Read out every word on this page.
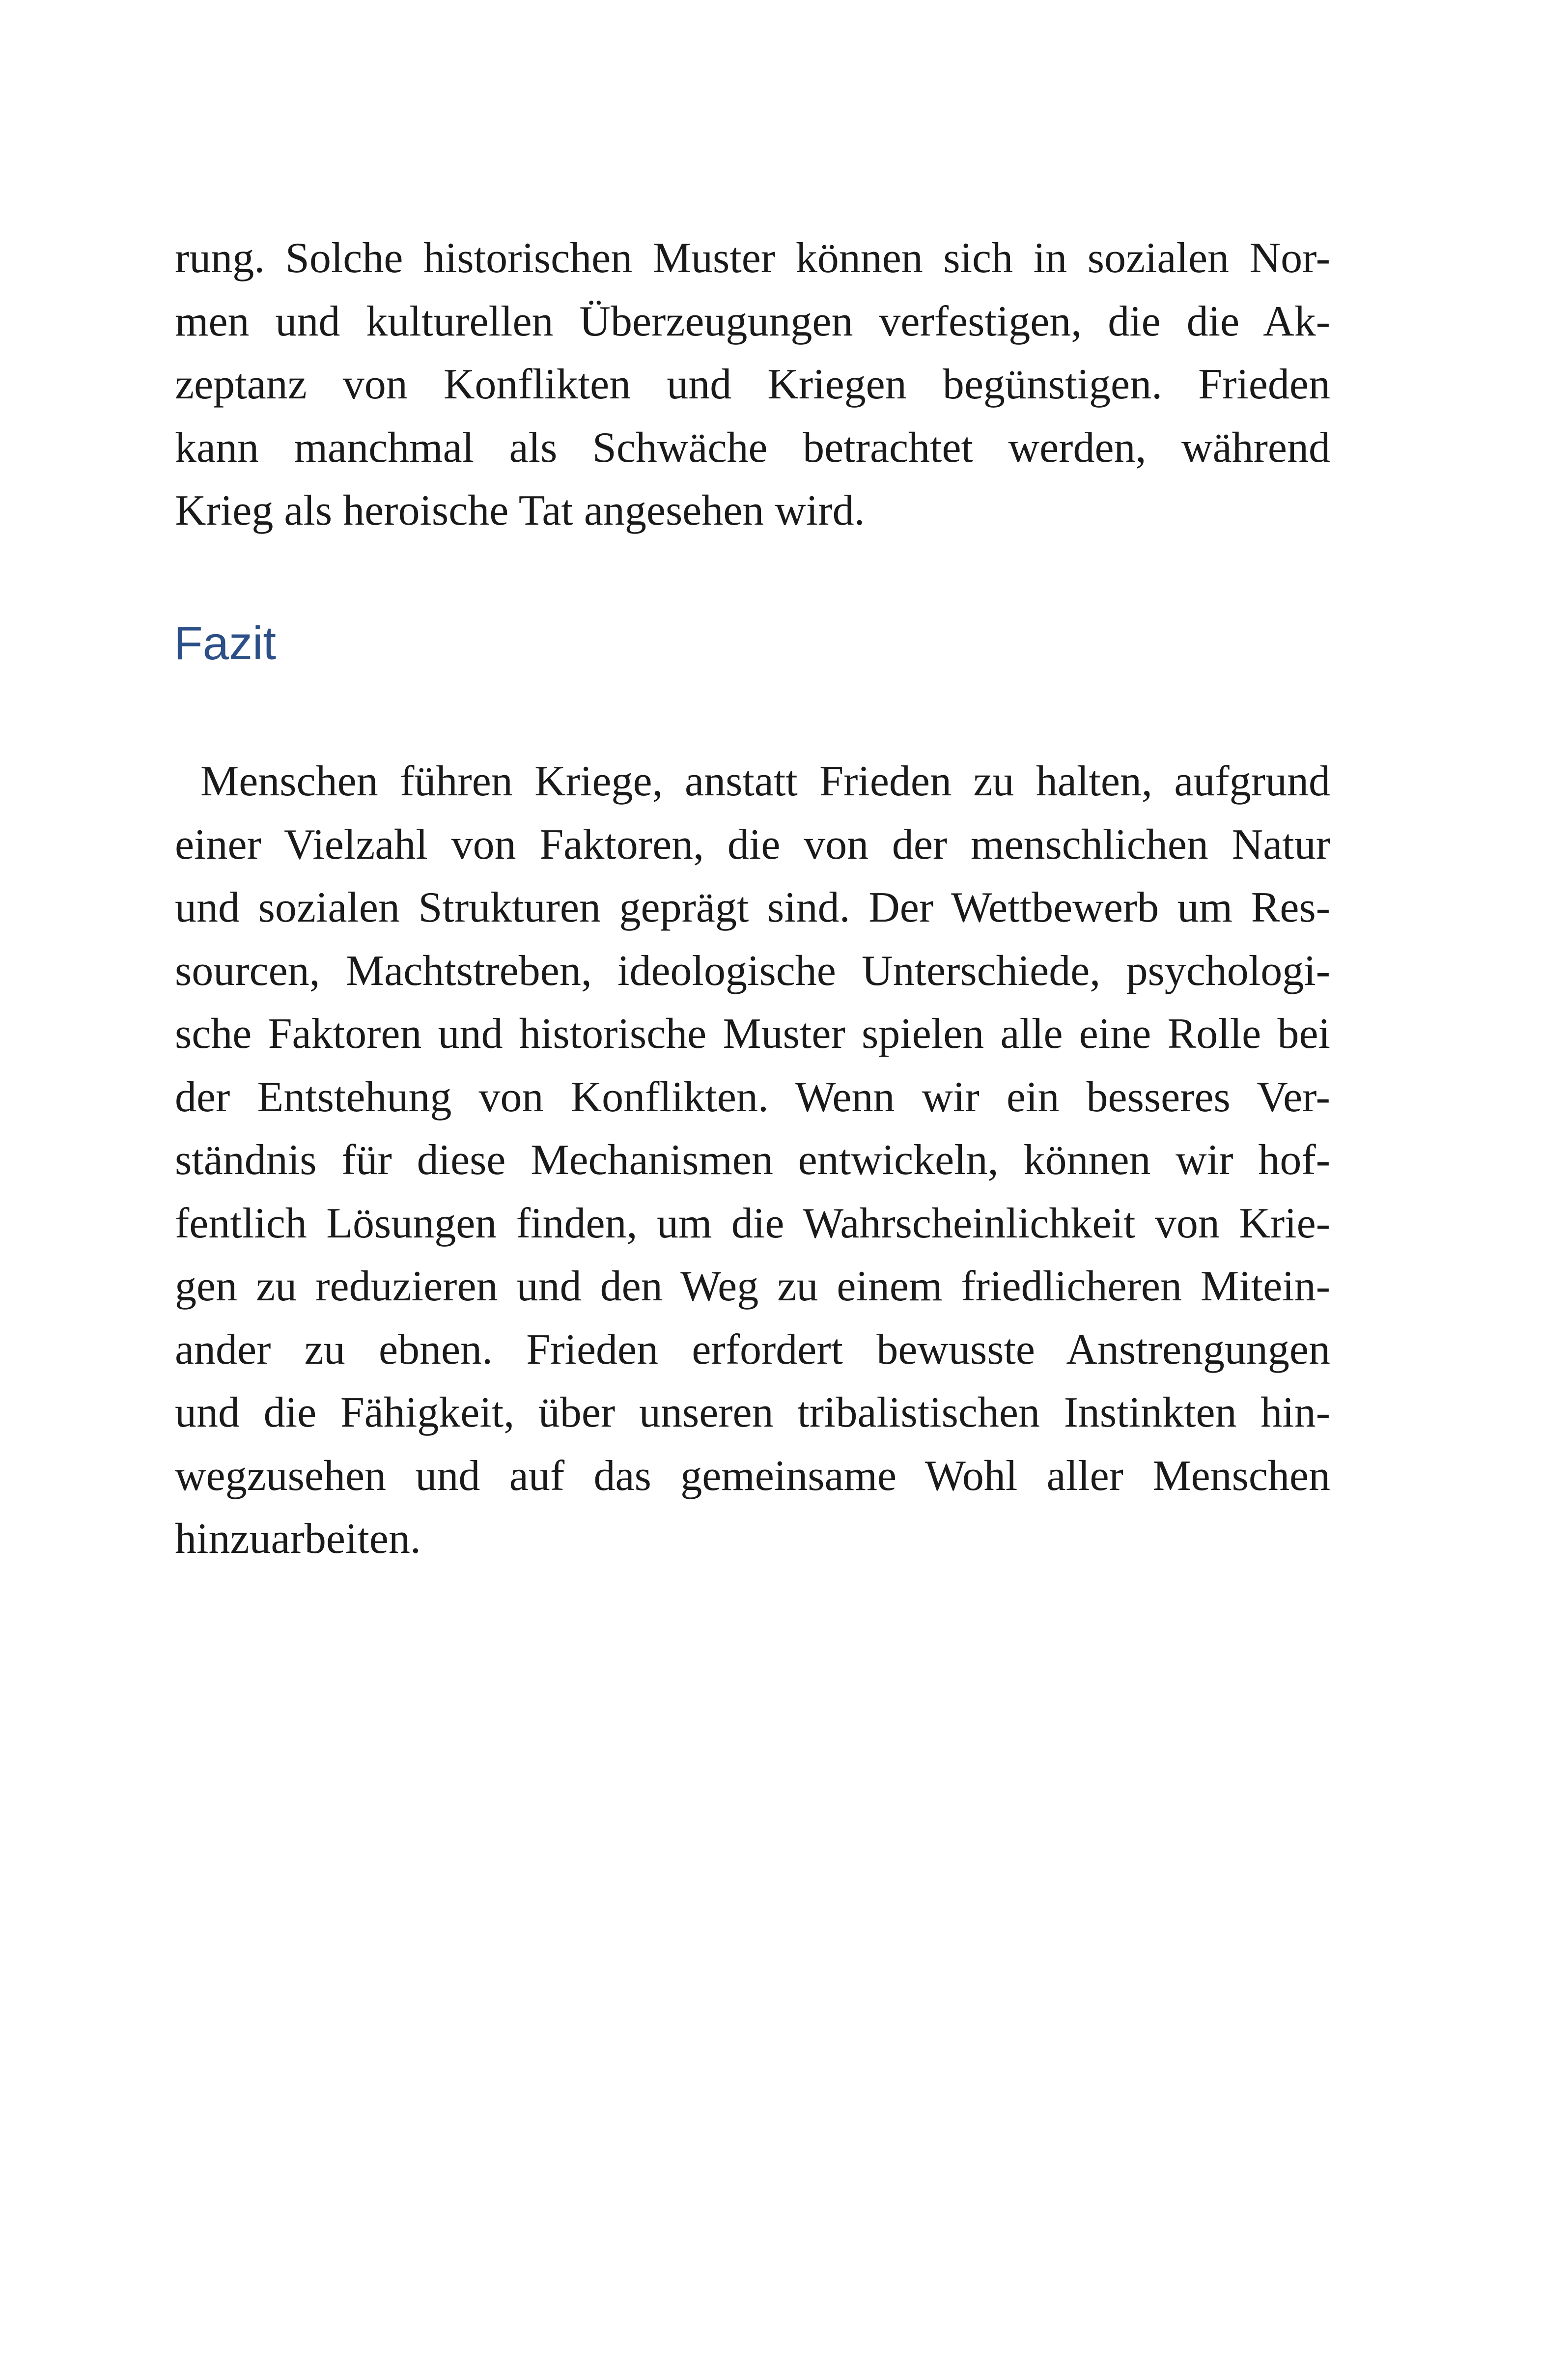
rung. Solche historischen Muster können sich in sozialen Nor-
men und kulturellen Überzeugungen verfestigen, die die Ak-
zeptanz von Konflikten und Kriegen begünstigen. Frieden
kann manchmal als Schwäche betrachtet werden, während
Krieg als heroische Tat angesehen wird.
Fazit
Menschen führen Kriege, anstatt Frieden zu halten, aufgrund
einer Vielzahl von Faktoren, die von der menschlichen Natur
und sozialen Strukturen geprägt sind. Der Wettbewerb um Res-
sourcen, Machtstreben, ideologische Unterschiede, psychologi-
sche Faktoren und historische Muster spielen alle eine Rolle bei
der Entstehung von Konflikten. Wenn wir ein besseres Ver-
ständnis für diese Mechanismen entwickeln, können wir hof-
fentlich Lösungen finden, um die Wahrscheinlichkeit von Krie-
gen zu reduzieren und den Weg zu einem friedlicheren Mitein-
ander zu ebnen. Frieden erfordert bewusste Anstrengungen
und die Fähigkeit, über unseren tribalistischen Instinkten hin-
wegzusehen und auf das gemeinsame Wohl aller Menschen
hinzuarbeiten.
